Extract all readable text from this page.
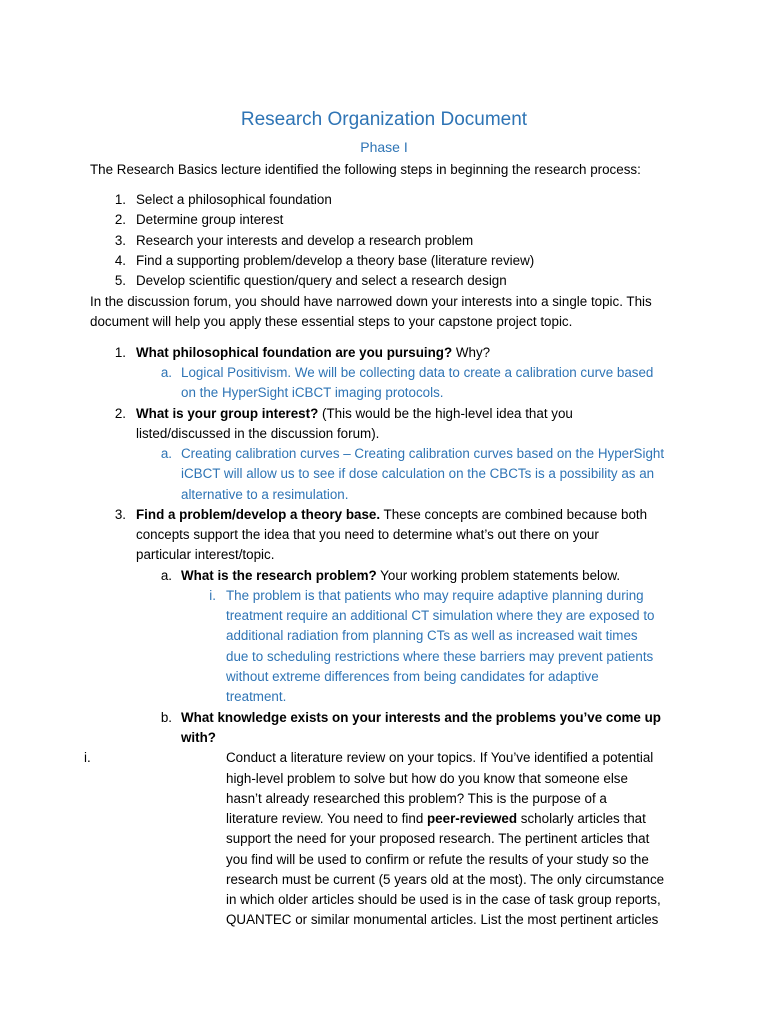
Research Organization Document
Phase I
The Research Basics lecture identified the following steps in beginning the research process:
1. Select a philosophical foundation
2. Determine group interest
3. Research your interests and develop a research problem
4. Find a supporting problem/develop a theory base (literature review)
5. Develop scientific question/query and select a research design
In the discussion forum, you should have narrowed down your interests into a single topic. This
document will help you apply these essential steps to your capstone project topic.
1. What philosophical foundation are you pursuing? Why?
a. Logical Positivism. We will be collecting data to create a calibration curve based
on the HyperSight iCBCT imaging protocols.
2. What is your group interest? (This would be the high-level idea that you
listed/discussed in the discussion forum).
a. Creating calibration curves – Creating calibration curves based on the HyperSight
iCBCT will allow us to see if dose calculation on the CBCTs is a possibility as an
alternative to a resimulation.
3. Find a problem/develop a theory base. These concepts are combined because both
concepts support the idea that you need to determine what’s out there on your
particular interest/topic.
a. What is the research problem? Your working problem statements below.
i. The problem is that patients who may require adaptive planning during
treatment require an additional CT simulation where they are exposed to
additional radiation from planning CTs as well as increased wait times
due to scheduling restrictions where these barriers may prevent patients
without extreme differences from being candidates for adaptive
treatment.
b. What knowledge exists on your interests and the problems you’ve come up
with?
i.	Conduct a literature review on your topics. If You’ve identified a potential
high-level problem to solve but how do you know that someone else
hasn’t already researched this problem? This is the purpose of a
literature review. You need to find peer-reviewed scholarly articles that
support the need for your proposed research. The pertinent articles that
you find will be used to confirm or refute the results of your study so the
research must be current (5 years old at the most). The only circumstance
in which older articles should be used is in the case of task group reports,
QUANTEC or similar monumental articles. List the most pertinent articles
